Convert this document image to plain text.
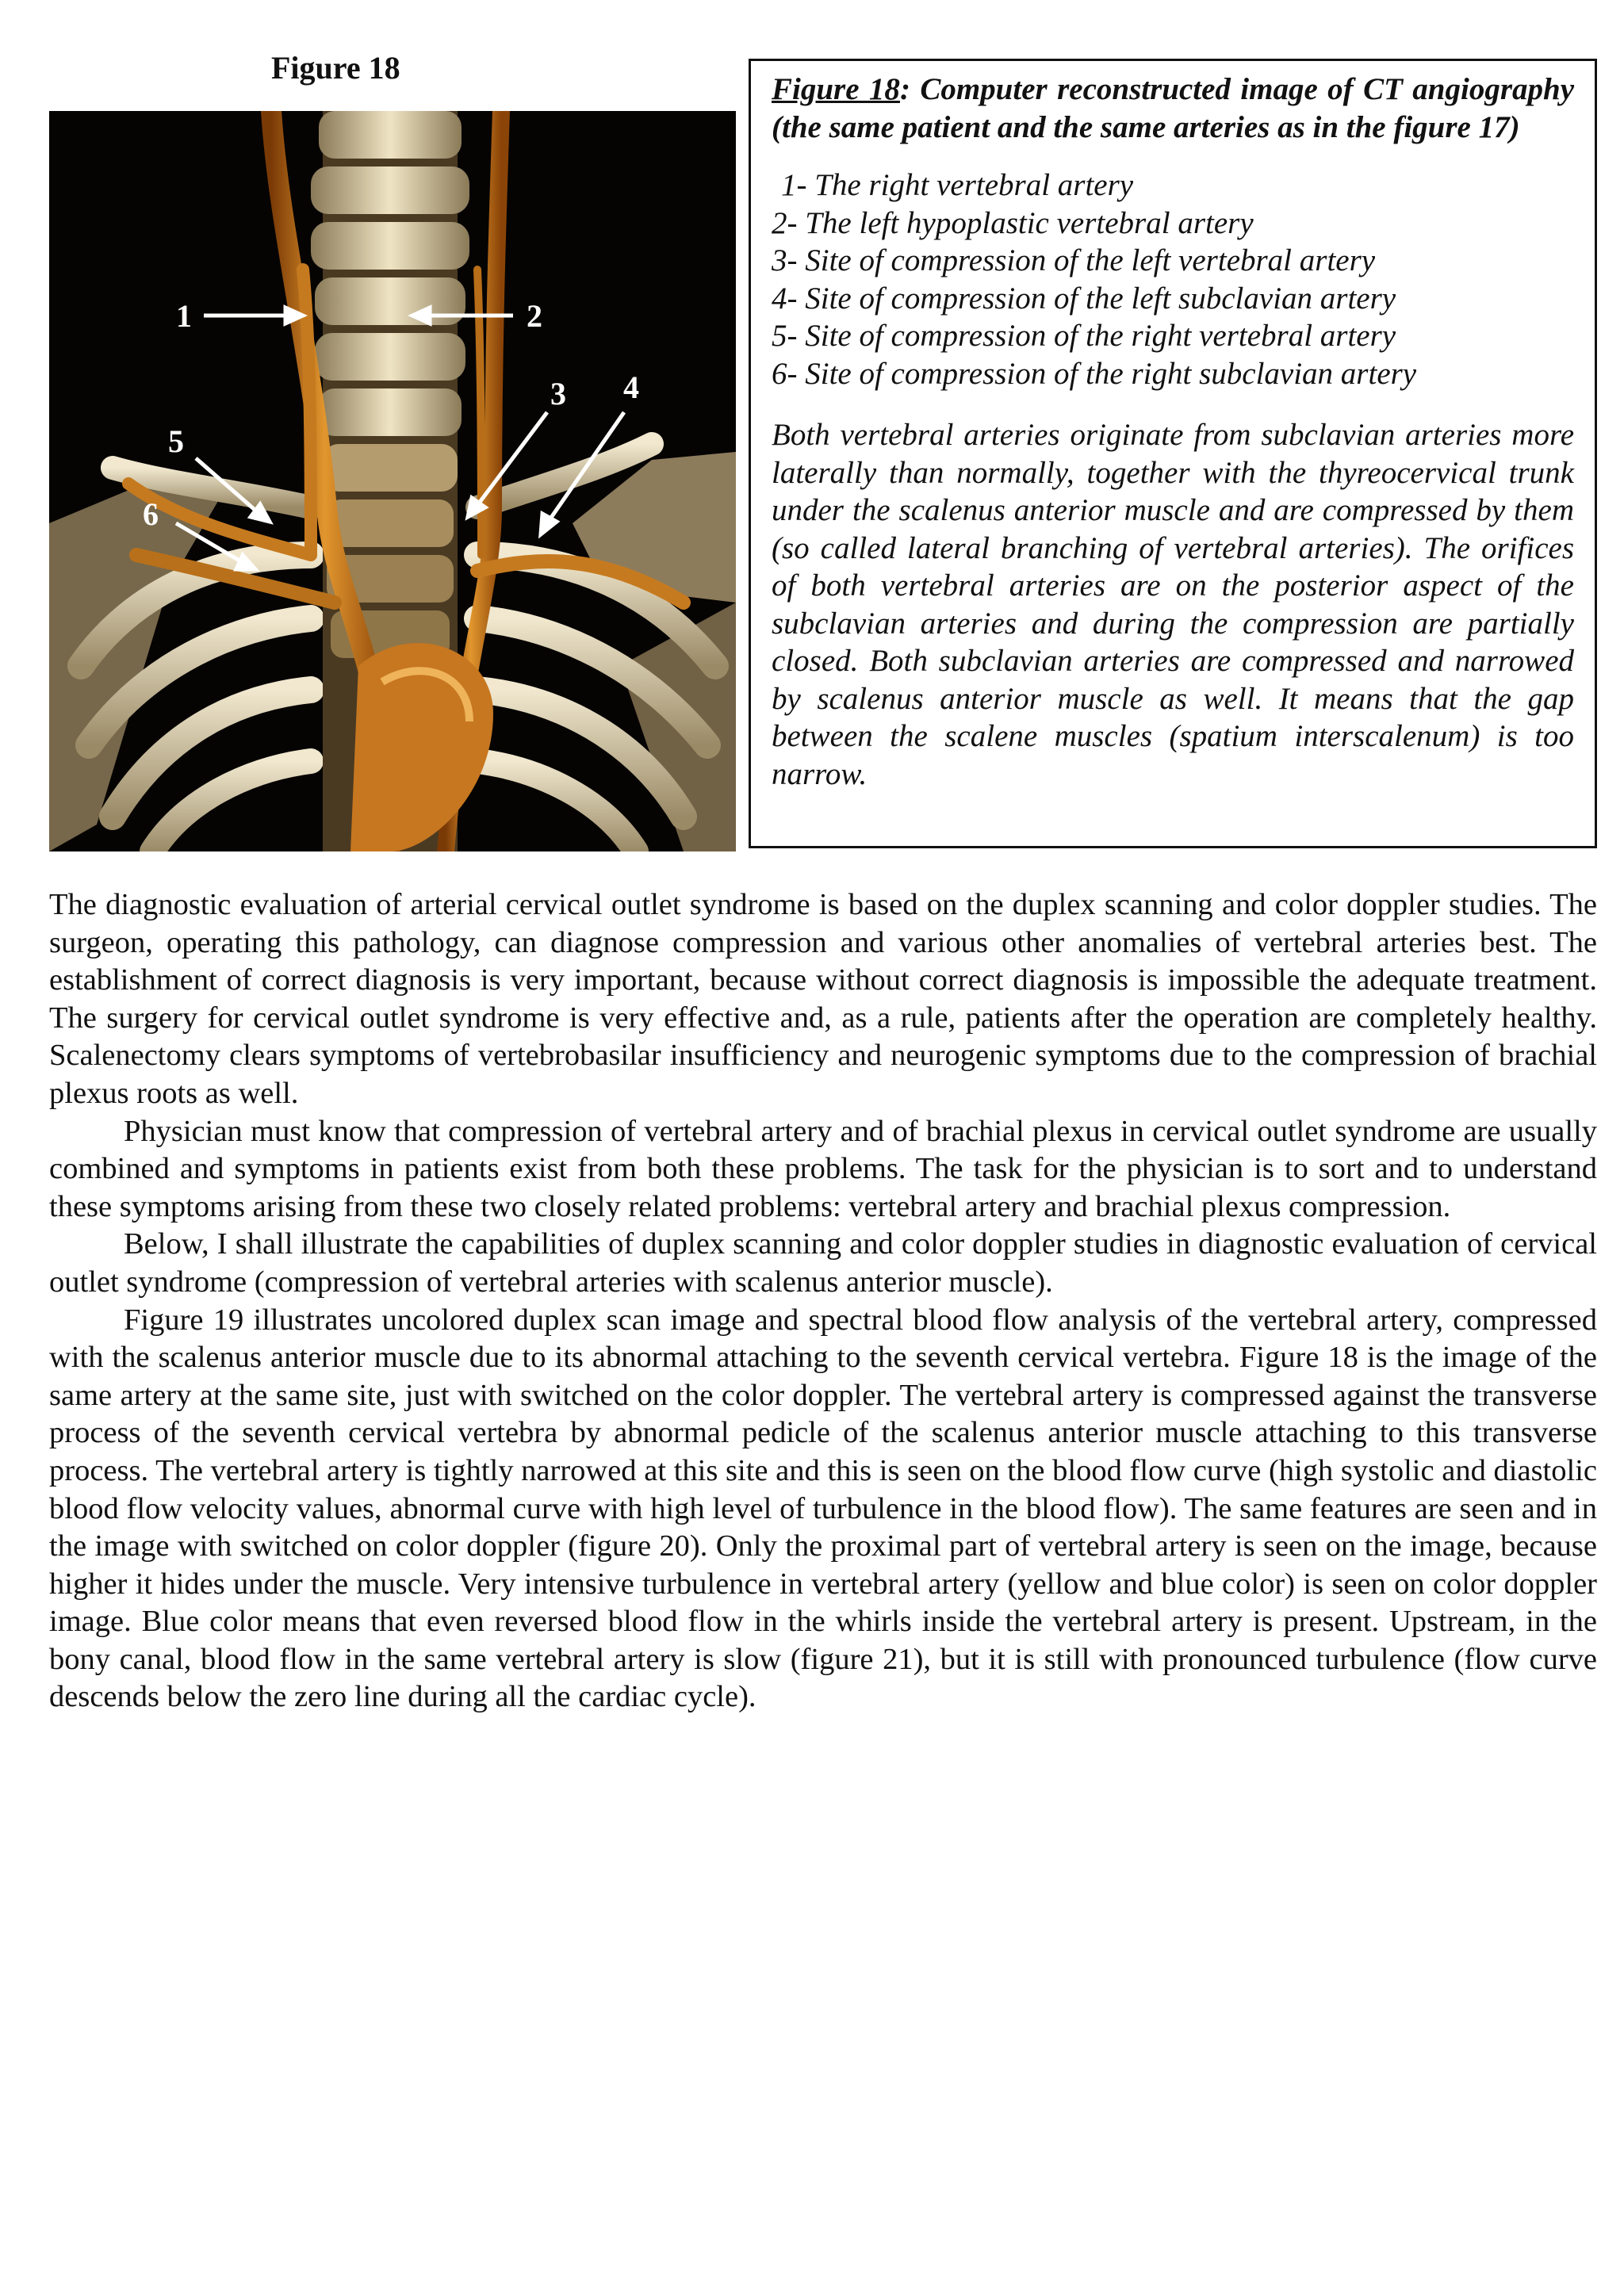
Figure 18
1	2
3 4
5
6
Figure 18: Computer reconstructed image of CT angiography (the same patient and the same arteries as in the figure 17)
1- The right vertebral artery
2- The left hypoplastic vertebral artery
3- Site of compression of the left vertebral artery
4- Site of compression of the left subclavian artery
5- Site of compression of the right vertebral artery
6- Site of compression of the right subclavian artery
Both vertebral arteries originate from subclavian arteries more laterally than normally, together with the thyreocervical trunk under the scalenus anterior muscle and are compressed by them (so called lateral branching of vertebral arteries). The orifices of both vertebral arteries are on the posterior aspect of the subclavian arteries and during the compression are partially closed. Both subclavian arteries are compressed and narrowed by scalenus anterior muscle as well. It means that the gap between the scalene muscles (spatium interscalenum) is too narrow.

The diagnostic evaluation of arterial cervical outlet syndrome is based on the duplex scanning and color doppler studies. The surgeon, operating this pathology, can diagnose compression and various other anomalies of vertebral arteries best. The establishment of correct diagnosis is very important, because without correct diagnosis is impossible the adequate treatment. The surgery for cervical outlet syndrome is very effective and, as a rule, patients after the operation are completely healthy. Scalenectomy clears symptoms of vertebrobasilar insufficiency and neurogenic symptoms due to the compression of brachial plexus roots as well.

Physician must know that compression of vertebral artery and of brachial plexus in cervical outlet syndrome are usually combined and symptoms in patients exist from both these problems. The task for the physician is to sort and to understand these symptoms arising from these two closely related problems: vertebral artery and brachial plexus compression.

Below, I shall illustrate the capabilities of duplex scanning and color doppler studies in diagnostic evaluation of cervical outlet syndrome (compression of vertebral arteries with scalenus anterior muscle).

Figure 19 illustrates uncolored duplex scan image and spectral blood flow analysis of the vertebral artery, compressed with the scalenus anterior muscle due to its abnormal attaching to the seventh cervical vertebra. Figure 18 is the image of the same artery at the same site, just with switched on the color doppler. The vertebral artery is compressed against the transverse process of the seventh cervical vertebra by abnormal pedicle of the scalenus anterior muscle attaching to this transverse process. The vertebral artery is tightly narrowed at this site and this is seen on the blood flow curve (high systolic and diastolic blood flow velocity values, abnormal curve with high level of turbulence in the blood flow). The same features are seen and in the image with switched on color doppler (figure 20). Only the proximal part of vertebral artery is seen on the image, because higher it hides under the muscle. Very intensive turbulence in vertebral artery (yellow and blue color) is seen on color doppler image. Blue color means that even reversed blood flow in the whirls inside the vertebral artery is present. Upstream, in the bony canal, blood flow in the same vertebral artery is slow (figure 21), but it is still with pronounced turbulence (flow curve descends below the zero line during all the cardiac cycle).
